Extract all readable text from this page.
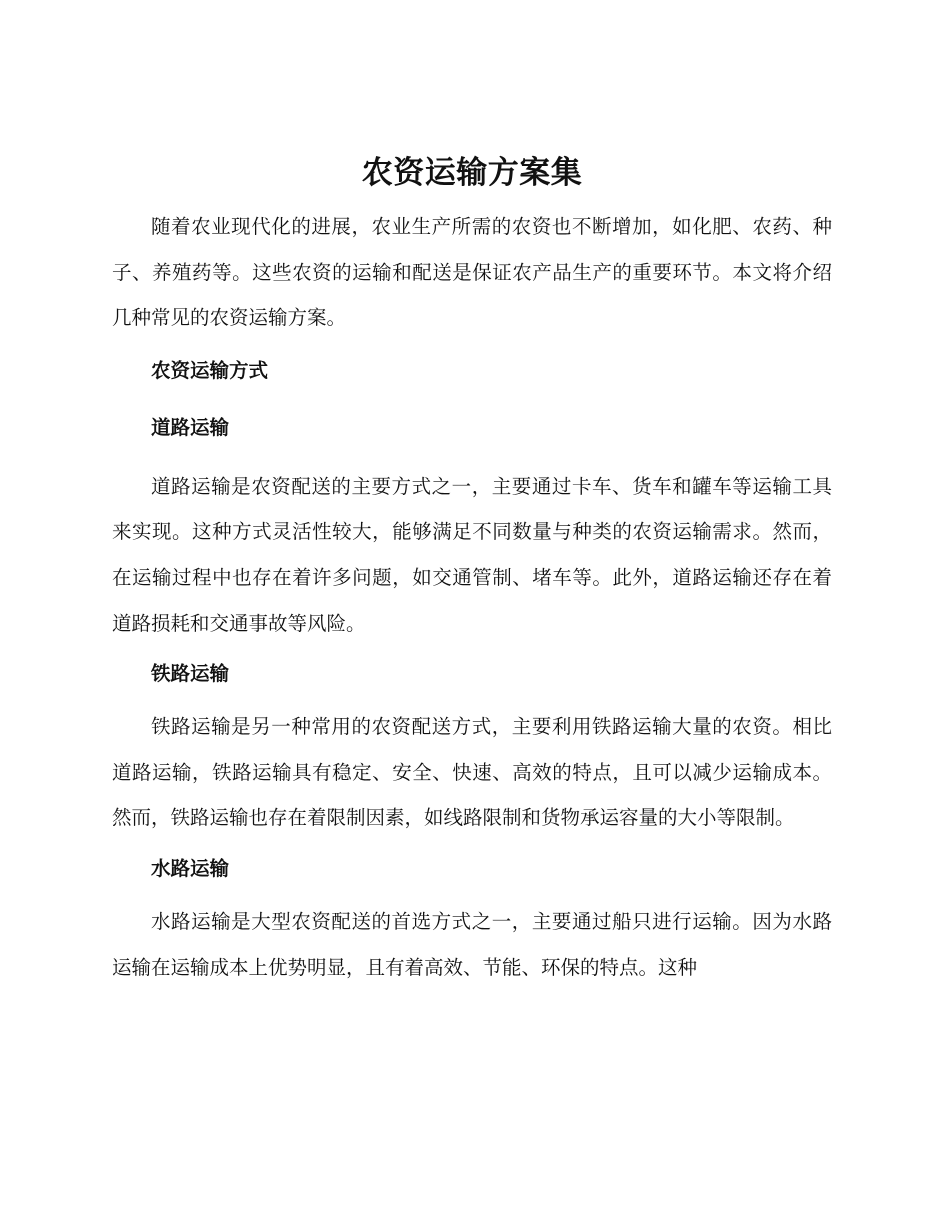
农资运输方案集

随着农业现代化的进展，农业生产所需的农资也不断增加，如化肥、农药、种子、养殖药等。这些农资的运输和配送是保证农产品生产的重要环节。本文将介绍几种常见的农资运输方案。

农资运输方式
道路运输

道路运输是农资配送的主要方式之一，主要通过卡车、货车和罐车等运输工具来实现。这种方式灵活性较大，能够满足不同数量与种类的农资运输需求。然而，在运输过程中也存在着许多问题，如交通管制、堵车等。此外，道路运输还存在着道路损耗和交通事故等风险。

铁路运输

铁路运输是另一种常用的农资配送方式，主要利用铁路运输大量的农资。相比道路运输，铁路运输具有稳定、安全、快速、高效的特点，且可以减少运输成本。然而，铁路运输也存在着限制因素，如线路限制和货物承运容量的大小等限制。

水路运输

水路运输是大型农资配送的首选方式之一，主要通过船只进行运输。因为水路运输在运输成本上优势明显，且有着高效、节能、环保的特点。这种
